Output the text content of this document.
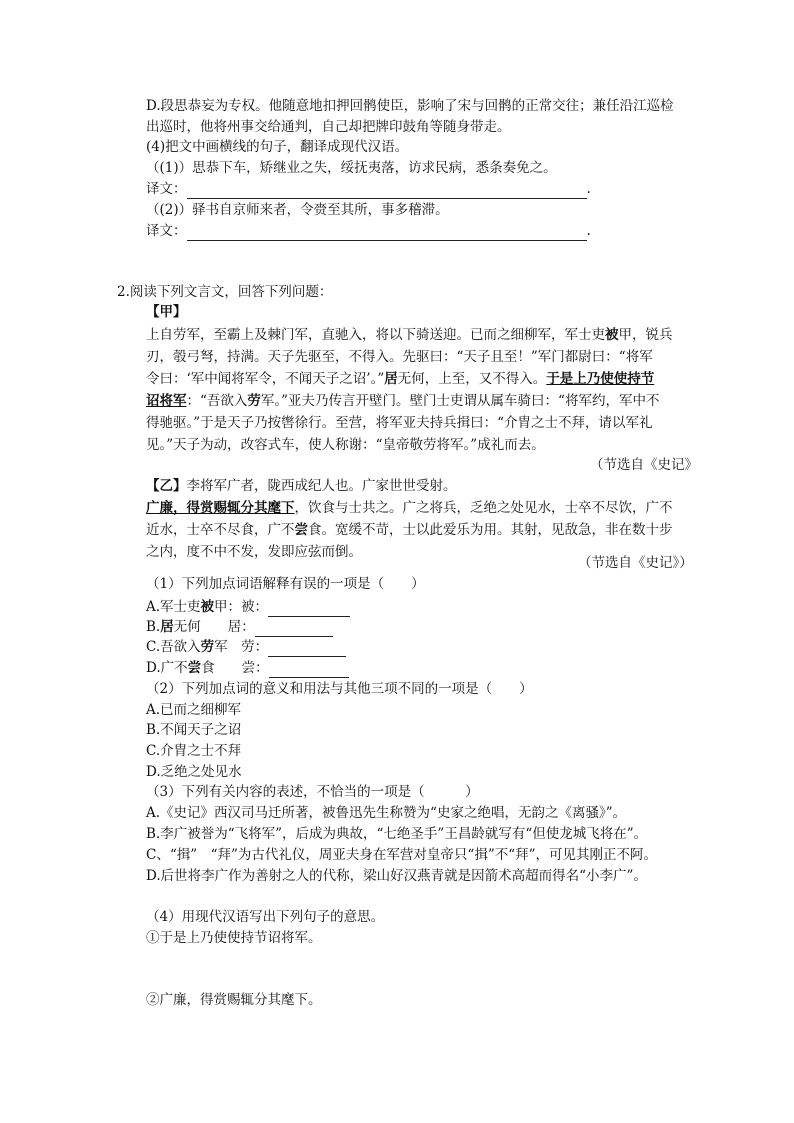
D.段思恭妄为专权。他随意地扣押回鹘使臣，影响了宋与回鹘的正常交往；兼任沿江巡检
出巡时，他将州事交给通判，自己却把牌印鼓角等随身带走。
(4)把文中画横线的句子，翻译成现代汉语。
（(1)）思恭下车，矫继业之失，绥抚夷落，访求民病，悉条奏免之。
译文：	.
（(2)）驿书自京师来者，令赍至其所，事多稽滞。
译文：	.
2.阅读下列文言文，回答下列问题：
【甲】
上自劳军，至霸上及棘门军，直驰入，将以下骑送迎。已而之细柳军，军士吏被甲，锐兵
刃，彀弓弩，持满。天子先驱至，不得入。先驱曰：“天子且至！”军门都尉曰：“将军
令曰：‘军中闻将军令，不闻天子之诏’。”居无何，上至，又不得入。于是上乃使使持节
诏将军：“吾欲入劳军。”亚夫乃传言开壁门。壁门士吏谓从属车骑曰：“将军约，军中不
得驰驱。”于是天子乃按辔徐行。至营，将军亚夫持兵揖曰：“介胄之士不拜，请以军礼
见。”天子为动，改容式车，使人称谢：“皇帝敬劳将军。”成礼而去。
（节选自《史记》
【乙】李将军广者，陇西成纪人也。广家世世受射。
广廉，得赏赐辄分其麾下，饮食与士共之。广之将兵，乏绝之处见水，士卒不尽饮，广不
近水，士卒不尽食，广不尝食。宽缓不苛，士以此爱乐为用。其射，见敌急，非在数十步
之内，度不中不发，发即应弦而倒。
（节选自《史记》）
（1）下列加点词语解释有误的一项是（　　）
A.军士吏被甲：被：
B.居无何　　居：
C.吾欲入劳军　劳：
D.广不尝食　　尝：
（2）下列加点词的意义和用法与其他三项不同的一项是（　　）
A.已而之细柳军
B.不闻天子之诏
C.介胄之士不拜
D.乏绝之处见水
（3）下列有关内容的表述，不恰当的一项是（　　　）
A.《史记》西汉司马迁所著，被鲁迅先生称赞为“史家之绝唱，无韵之《离骚》”。
B.李广被誉为“飞将军”，后成为典故，“七绝圣手”王昌龄就写有“但使龙城飞将在”。
C、“揖”　“拜”为古代礼仪，周亚夫身在军营对皇帝只“揖”不“拜”，可见其刚正不阿。
D.后世将李广作为善射之人的代称，梁山好汉燕青就是因箭术高超而得名“小李广”。
（4）用现代汉语写出下列句子的意思。
①于是上乃使使持节诏将军。
②广廉，得赏赐辄分其麾下。
